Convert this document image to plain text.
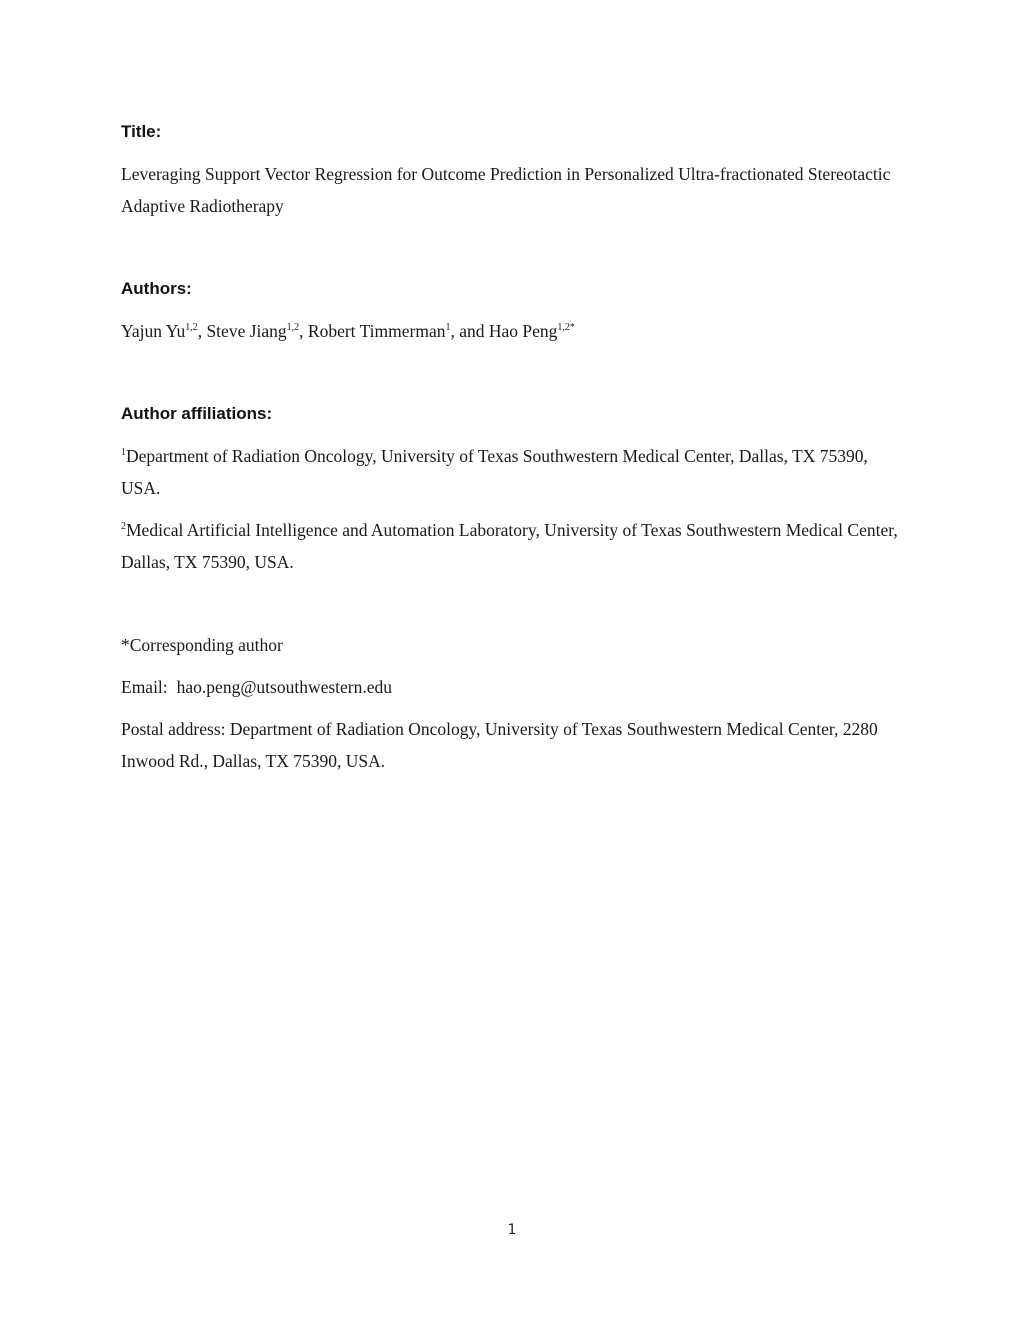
Title:

Leveraging Support Vector Regression for Outcome Prediction in Personalized Ultra-fractionated Stereotactic Adaptive Radiotherapy

Authors:

Yajun Yu$^{1,2}$, Steve Jiang$^{1,2}$, Robert Timmerman$^1$, and Hao Peng$^{1,2*}$

Author affiliations:

$^1$Department of Radiation Oncology, University of Texas Southwestern Medical Center, Dallas, TX 75390, USA.

$^2$Medical Artificial Intelligence and Automation Laboratory, University of Texas Southwestern Medical Center, Dallas, TX 75390, USA.

*Corresponding author

Email: hao.peng@utsouthwestern.edu

Postal address: Department of Radiation Oncology, University of Texas Southwestern Medical Center, 2280 Inwood Rd., Dallas, TX 75390, USA.

1
